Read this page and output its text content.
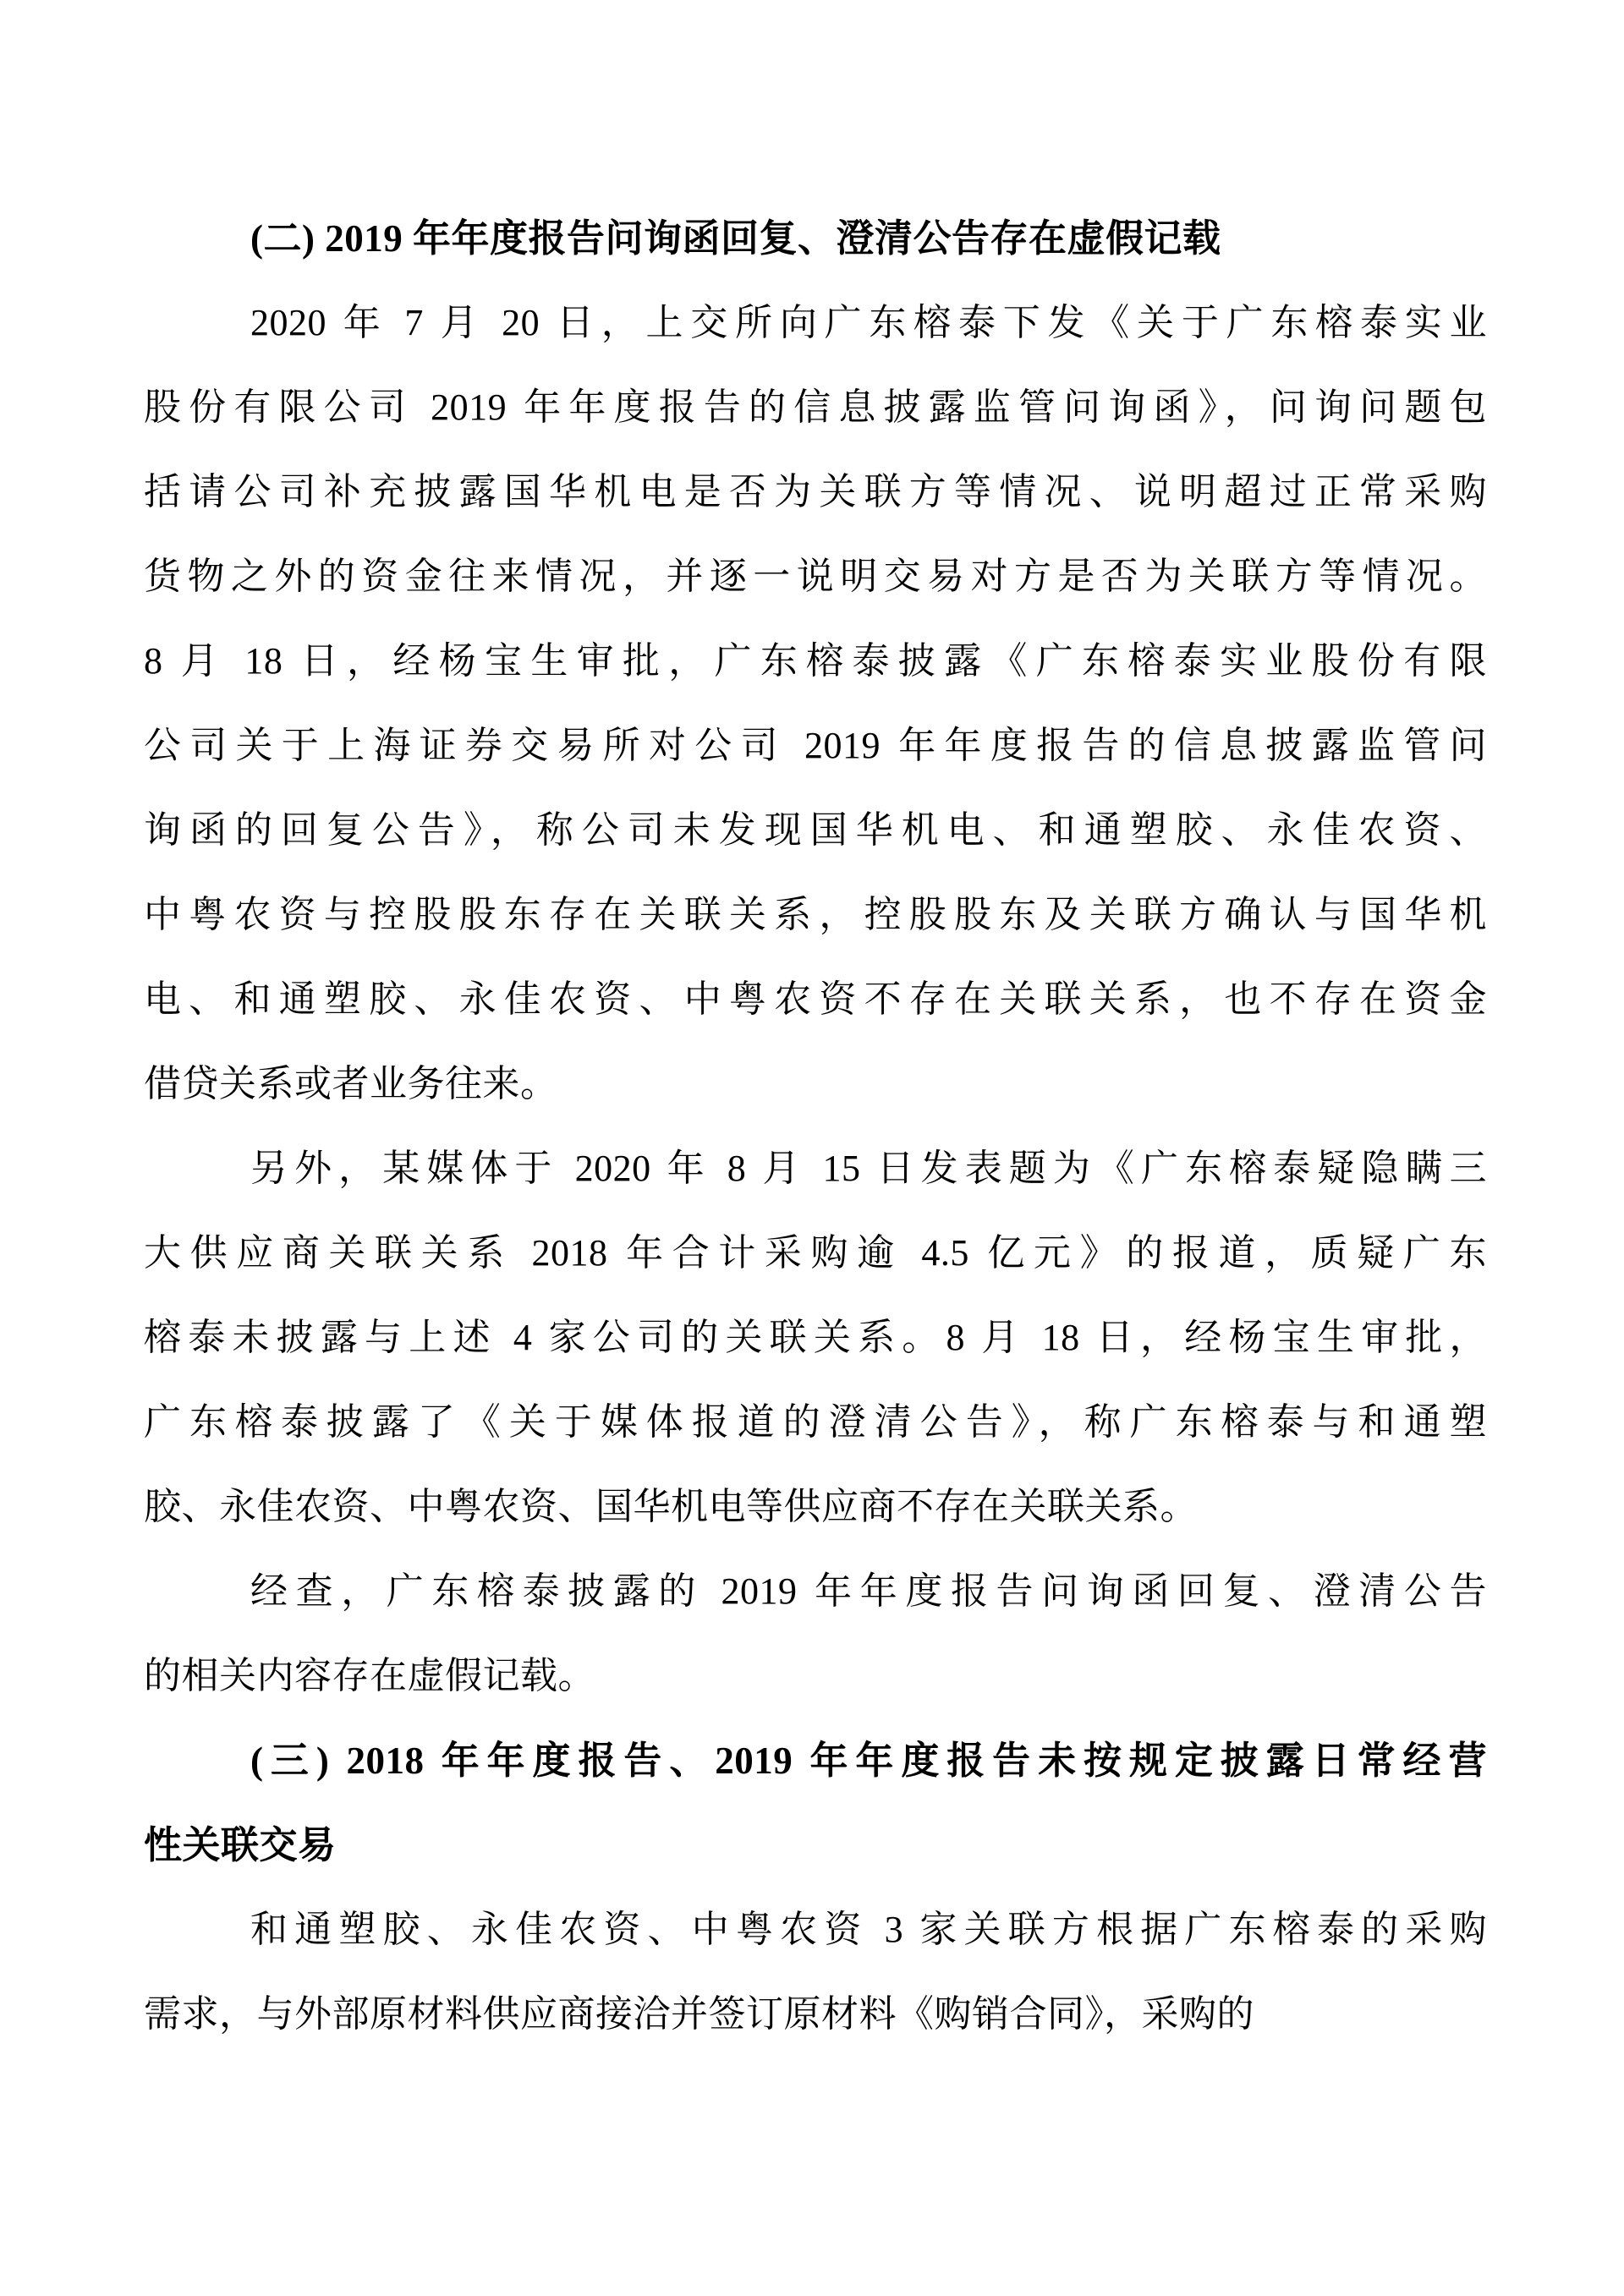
(二) 2019 年年度报告问询函回复、澄清公告存在虚假记载
2020 年 7 月 20 日，上交所向广东榕泰下发《关于广东榕泰实业
股份有限公司 2019 年年度报告的信息披露监管问询函》，问询问题包
括请公司补充披露国华机电是否为关联方等情况、说明超过正常采购
货物之外的资金往来情况，并逐一说明交易对方是否为关联方等情况。
8 月 18 日，经杨宝生审批，广东榕泰披露《广东榕泰实业股份有限
公司关于上海证券交易所对公司 2019 年年度报告的信息披露监管问
询函的回复公告》，称公司未发现国华机电、和通塑胶、永佳农资、
中粤农资与控股股东存在关联关系，控股股东及关联方确认与国华机
电、和通塑胶、永佳农资、中粤农资不存在关联关系，也不存在资金
借贷关系或者业务往来。
另外，某媒体于 2020 年 8 月 15 日发表题为《广东榕泰疑隐瞒三
大供应商关联关系 2018 年合计采购逾 4.5 亿元》的报道，质疑广东
榕泰未披露与上述 4 家公司的关联关系。8 月 18 日，经杨宝生审批，
广东榕泰披露了《关于媒体报道的澄清公告》，称广东榕泰与和通塑
胶、永佳农资、中粤农资、国华机电等供应商不存在关联关系。
经查，广东榕泰披露的 2019 年年度报告问询函回复、澄清公告
的相关内容存在虚假记载。
(三) 2018 年年度报告、2019 年年度报告未按规定披露日常经营
性关联交易
和通塑胶、永佳农资、中粤农资 3 家关联方根据广东榕泰的采购
需求，与外部原材料供应商接洽并签订原材料《购销合同》，采购的
